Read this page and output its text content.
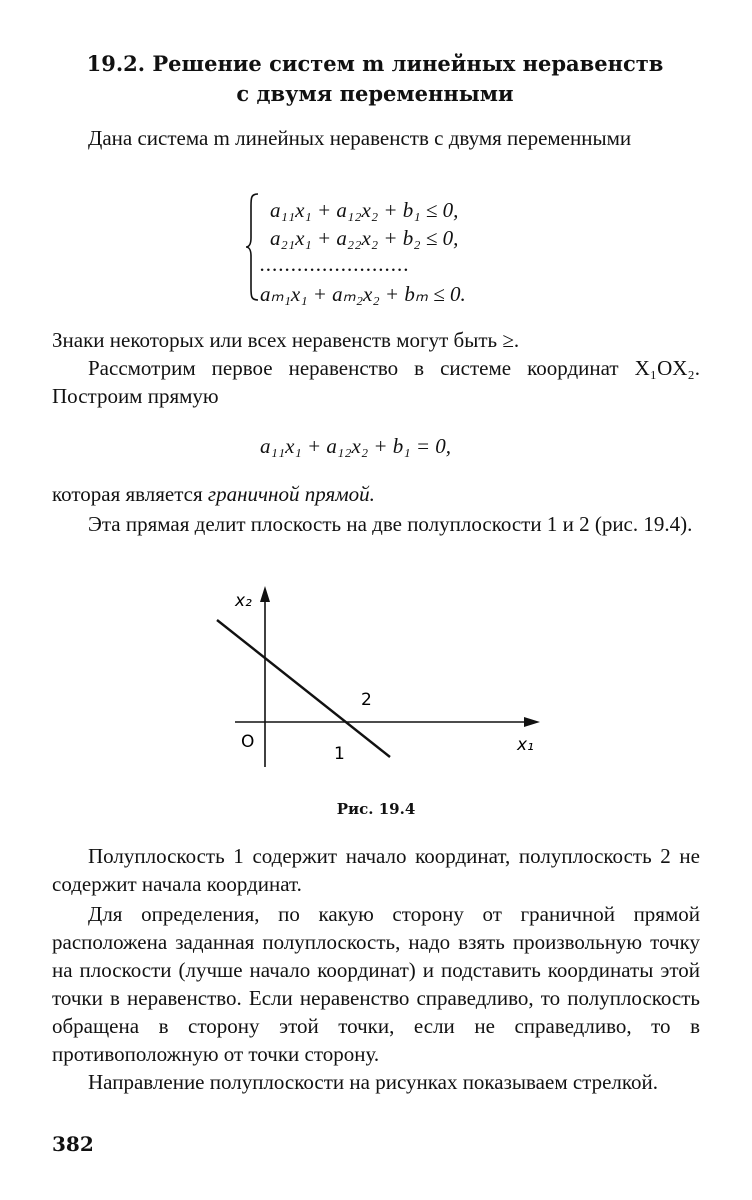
19.2. Решение систем m линейных неравенств
с двумя переменными
Дана система m линейных неравенств с двумя переменными
a₁₁x₁ + a₁₂x₂ + b₁ ≤ 0,
a₂₁x₁ + a₂₂x₂ + b₂ ≤ 0,
........................
aₘ₁x₁ + aₘ₂x₂ + bₘ ≤ 0.
Знаки некоторых или всех неравенств могут быть ≥.
Рассмотрим первое неравенство в системе координат X₁OX₂. Построим прямую
a₁₁x₁ + a₁₂x₂ + b₁ = 0,
которая является граничной прямой.
Эта прямая делит плоскость на две полуплоскости 1 и 2 (рис. 19.4).
x₂
x₁
O
1
2
Рис. 19.4
Полуплоскость 1 содержит начало координат, полуплоскость 2 не содержит начала координат.
Для определения, по какую сторону от граничной прямой расположена заданная полуплоскость, надо взять произвольную точку на плоскости (лучше начало координат) и подставить координаты этой точки в неравенство. Если неравенство справедливо, то полуплоскость обращена в сторону этой точки, если не справедливо, то в противоположную от точки сторону.
Направление полуплоскости на рисунках показываем стрелкой.
382
